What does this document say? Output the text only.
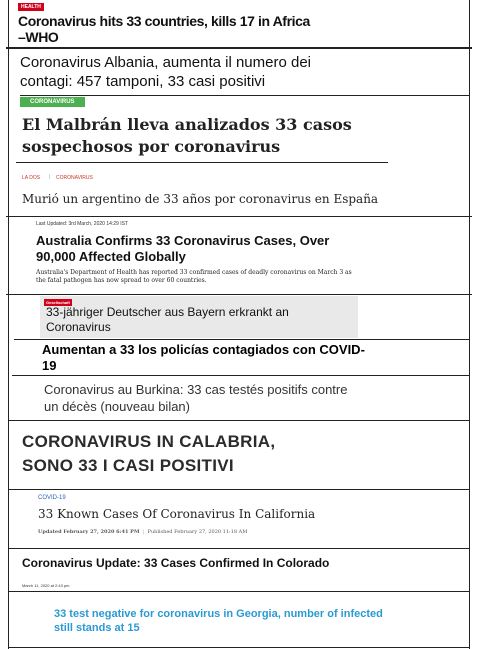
HEALTH
Coronavirus hits 33 countries, kills 17 in Africa –WHO
Coronavirus Albania, aumenta il numero dei contagi: 457 tamponi, 33 casi positivi
CORONAVIRUS
El Malbrán lleva analizados 33 casos sospechosos por coronavirus
LA DOS | CORONAVIRUS
Murió un argentino de 33 años por coronavirus en España
Last Updated: 3rd March, 2020 14:29 IST
Australia Confirms 33 Coronavirus Cases, Over 90,000 Affected Globally
Australia's Department of Health has reported 33 confirmed cases of deadly coronavirus on March 3 as the fatal pathogen has now spread to over 60 countries.
Gesellschaft
33-jähriger Deutscher aus Bayern erkrankt an Coronavirus
Aumentan a 33 los policías contagiados con COVID-19
Coronavirus au Burkina: 33 cas testés positifs contre un décès (nouveau bilan)
CORONAVIRUS IN CALABRIA, SONO 33 I CASI POSITIVI
COVID-19
33 Known Cases Of Coronavirus In California
Updated February 27, 2020 6:41 PM  |  Published February 27, 2020 11:18 AM
Coronavirus Update: 33 Cases Confirmed In Colorado
March 11, 2020 at 2:43 pm
33 test negative for coronavirus in Georgia, number of infected still stands at 15
